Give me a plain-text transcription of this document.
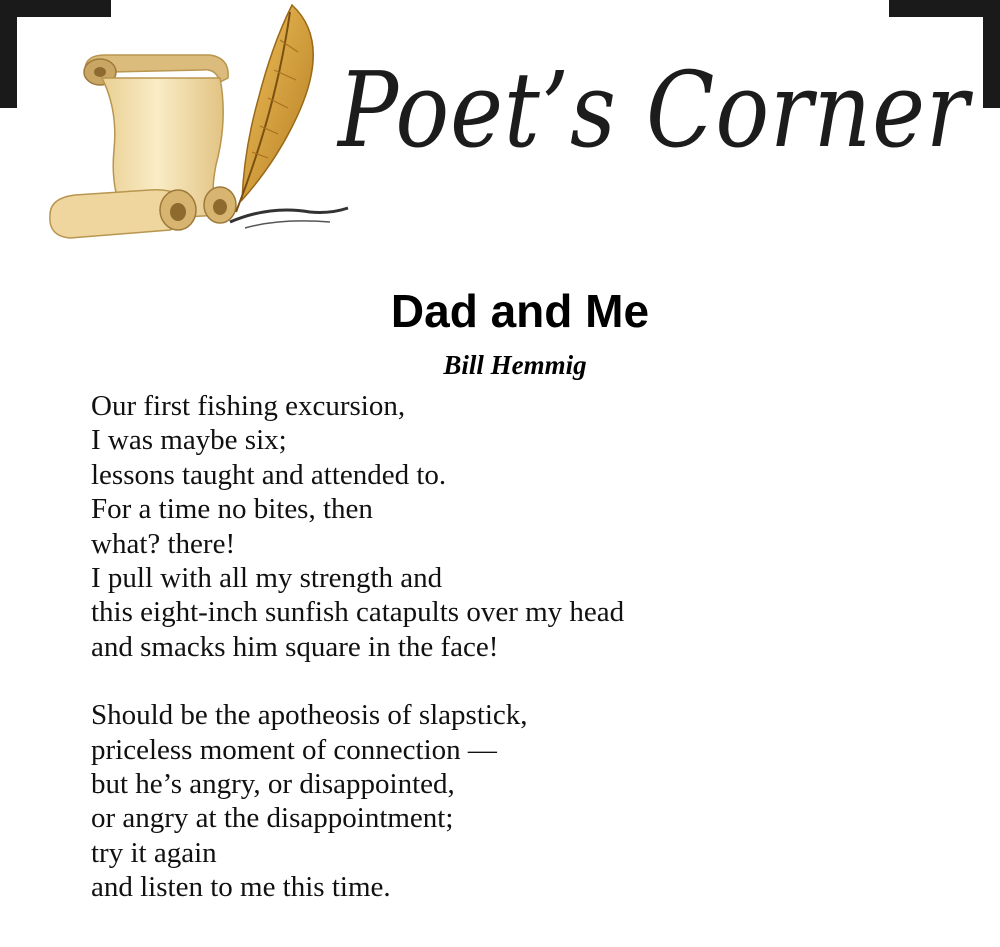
Poet’s Corner
Dad and Me
Bill Hemmig
Our first fishing excursion,
I was maybe six;
lessons taught and attended to.
For a time no bites, then
what? there!
I pull with all my strength and
this eight-inch sunfish catapults over my head
and smacks him square in the face!
Should be the apotheosis of slapstick,
priceless moment of connection —
but he’s angry, or disappointed,
or angry at the disappointment;
try it again
and listen to me this time.
